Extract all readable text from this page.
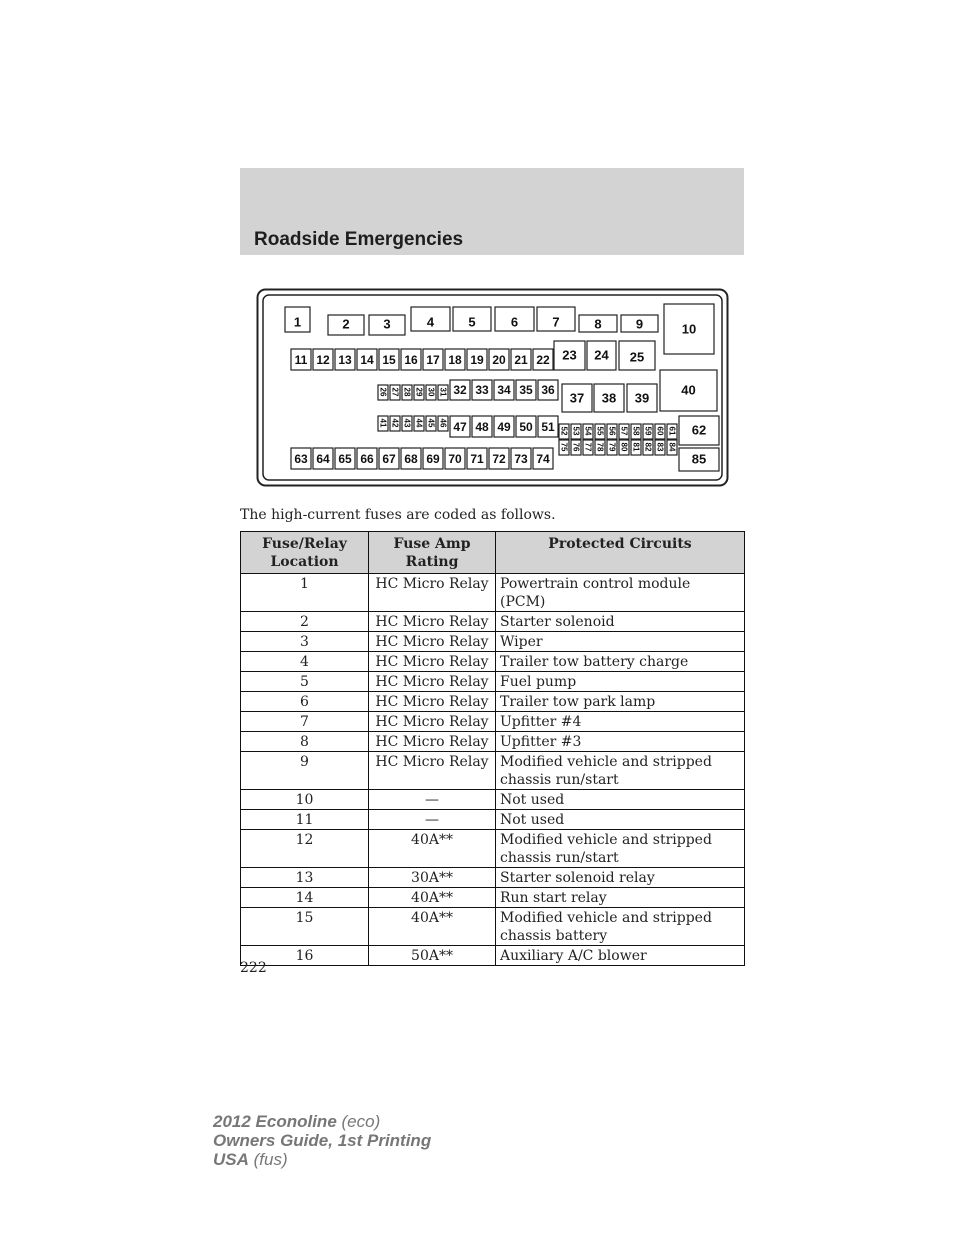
Roadside Emergencies
1	2	3	4	5	6	7	8	9	10
11 12 13 14 15 16 17 18 19 20 21 22 23 24 25
26 27 28 29 30 31 32 33 34 35 36
37 38 39
40
41 42 43 44 45 46 47 48 49 50 51 52
75
53
76
54
77
55
78
56
79
57
80
58
81
59
82
60
83
61
84
62
63 64 65 66 67 68 69 70 71 72 73 74	85
The high-current fuses are coded as follows.
Fuse/Relay Location	Fuse Amp Rating	Protected Circuits
1	HC Micro Relay	Powertrain control module (PCM)
2	HC Micro Relay	Starter solenoid
3	HC Micro Relay	Wiper
4	HC Micro Relay	Trailer tow battery charge
5	HC Micro Relay	Fuel pump
6	HC Micro Relay	Trailer tow park lamp
7	HC Micro Relay	Upfitter #4
8	HC Micro Relay	Upfitter #3
9	HC Micro Relay	Modified vehicle and stripped chassis run/start
10	—	Not used
11	—	Not used
12	40A**	Modified vehicle and stripped chassis run/start
13	30A**	Starter solenoid relay
14	40A**	Run start relay
15	40A**	Modified vehicle and stripped chassis battery
16	50A**	Auxiliary A/C blower
222
2012 Econoline (eco)
Owners Guide, 1st Printing
USA (fus)
